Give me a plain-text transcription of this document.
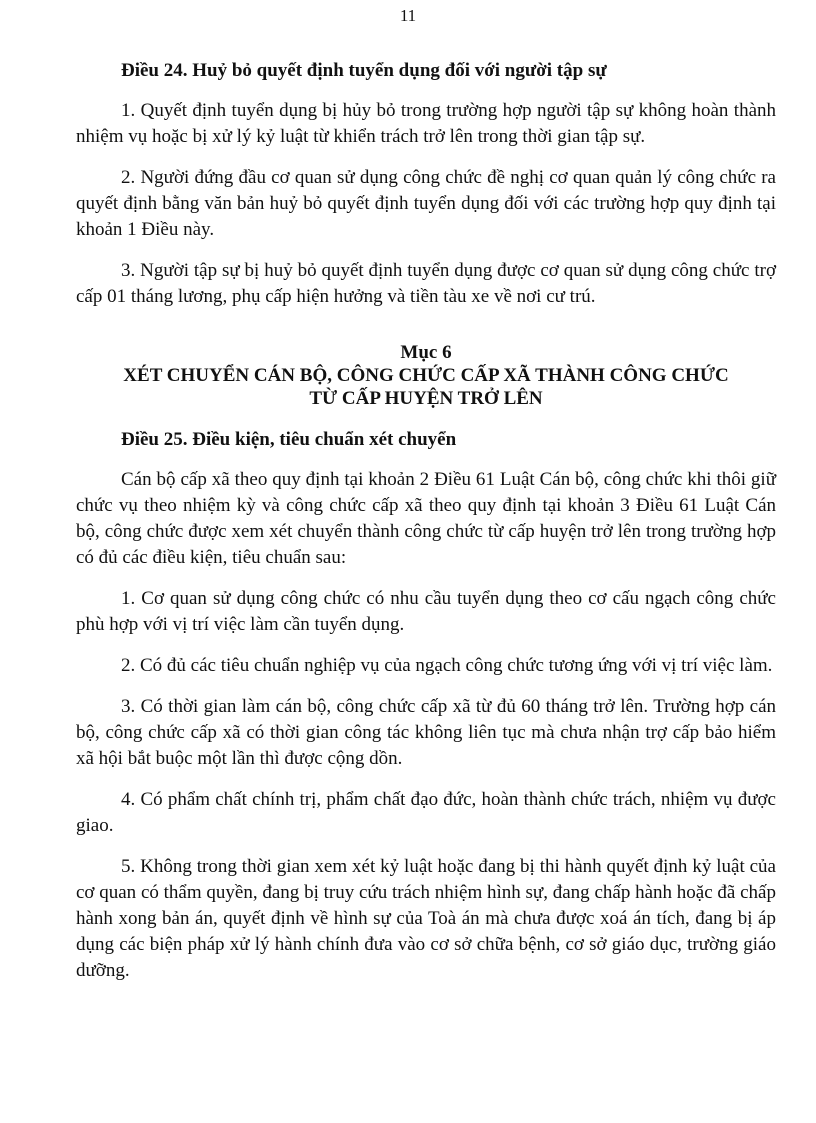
11
Điều 24. Huỷ bỏ quyết định tuyển dụng đối với người tập sự

1. Quyết định tuyển dụng bị hủy bỏ trong trường hợp người tập sự không hoàn thành nhiệm vụ hoặc bị xử lý kỷ luật từ khiển trách trở lên trong thời gian tập sự.

2. Người đứng đầu cơ quan sử dụng công chức đề nghị cơ quan quản lý công chức ra quyết định bằng văn bản huỷ bỏ quyết định tuyển dụng đối với các trường hợp quy định tại khoản 1 Điều này.

3. Người tập sự bị huỷ bỏ quyết định tuyển dụng được cơ quan sử dụng công chức trợ cấp 01 tháng lương, phụ cấp hiện hưởng và tiền tàu xe về nơi cư trú.

Mục 6
XÉT CHUYỂN CÁN BỘ, CÔNG CHỨC CẤP XÃ THÀNH CÔNG CHỨC
TỪ CẤP HUYỆN TRỞ LÊN
Điều 25. Điều kiện, tiêu chuẩn xét chuyển

Cán bộ cấp xã theo quy định tại khoản 2 Điều 61 Luật Cán bộ, công chức khi thôi giữ chức vụ theo nhiệm kỳ và công chức cấp xã theo quy định tại khoản 3 Điều 61 Luật Cán bộ, công chức được xem xét chuyển thành công chức từ cấp huyện trở lên trong trường hợp có đủ các điều kiện, tiêu chuẩn sau:

1. Cơ quan sử dụng công chức có nhu cầu tuyển dụng theo cơ cấu ngạch công chức phù hợp với vị trí việc làm cần tuyển dụng.

2. Có đủ các tiêu chuẩn nghiệp vụ của ngạch công chức tương ứng với vị trí việc làm.

3. Có thời gian làm cán bộ, công chức cấp xã từ đủ 60 tháng trở lên. Trường hợp cán bộ, công chức cấp xã có thời gian công tác không liên tục mà chưa nhận trợ cấp bảo hiểm xã hội bắt buộc một lần thì được cộng dồn.

4. Có phẩm chất chính trị, phẩm chất đạo đức, hoàn thành chức trách, nhiệm vụ được giao.

5. Không trong thời gian xem xét kỷ luật hoặc đang bị thi hành quyết định kỷ luật của cơ quan có thẩm quyền, đang bị truy cứu trách nhiệm hình sự, đang chấp hành hoặc đã chấp hành xong bản án, quyết định về hình sự của Toà án mà chưa được xoá án tích, đang bị áp dụng các biện pháp xử lý hành chính đưa vào cơ sở chữa bệnh, cơ sở giáo dục, trường giáo dưỡng.
